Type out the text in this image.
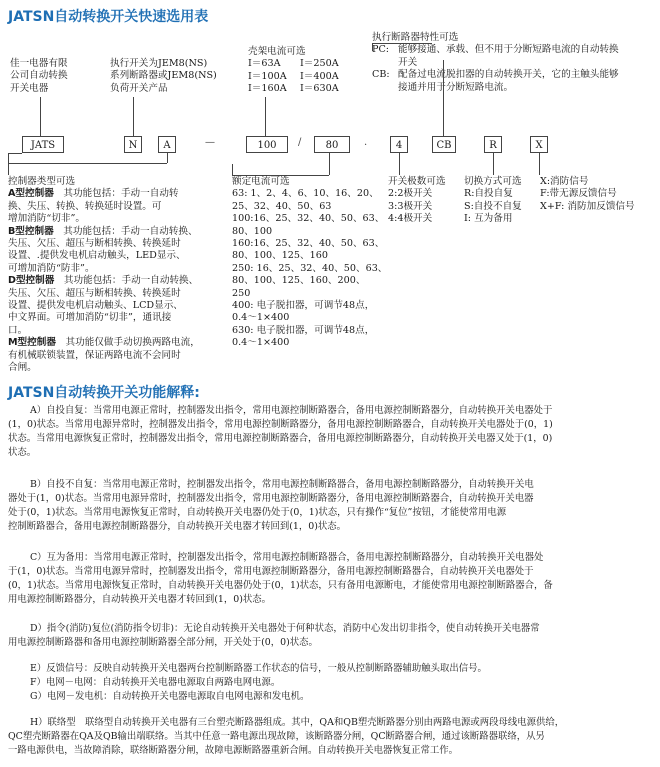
JATSN自动转换开关快速选用表
佳一电器有限
公司自动转换
开关电器
执行开关为JEM8(NS)
系列断路器或JEM8(NS)
负荷开关产品
壳架电流可选
I＝63A I＝250A
I＝100A I＝400A
I＝160A I＝630A
执行断路器特性可选
PC: 能够接通、承载、但不用于分断短路电流的自动转换
开关
CB: 配备过电流脱扣器的自动转换开关，它的主触头能够
接通并用于分断短路电流。
JATS	N	A	—	100	/	80	.	4	CB	R	X
控制器类型可选
A型控制器　其功能包括：手动一自动转
换、失压、转换、转换延时设置。可
增加消防“切非”。
B型控制器　其功能包括：手动一自动转换、
失压、欠压、超压与断相转换、转换延时
设置、.提供发电机启动触头，LED显示、
可增加消防“防非”。
D型控制器　其功能包括：手动一自动转换、
失压、欠压、超压与断相转换、转换延时
设置、提供发电机启动触头、LCD显示、
中文界面。可增加消防“切非”，通讯接
口。
M型控制器　其功能仅做手动切换两路电流，
有机械联锁装置，保证两路电流不会同时
合闸。
额定电流可选
63: 1、2、4、6、10、16、20、
25、32、40、50、63
100:16、25、32、40、50、63、
80、100
160:16、25、32、40、50、63、
80、100、125、160
250: 16、25、32、40、50、63、
80、100、125、160、200、
250
400: 电子脱扣器，可调节48点，
0.4～1×400
630: 电子脱扣器，可调节48点，
0.4～1×400
开关极数可选
2:2极开关
3:3极开关
4:4极开关
切换方式可选
R:自投自复
S:自投不自复
I: 互为备用
X:消防信号
F:带无源反馈信号
X+F: 消防加反馈信号
JATSN自动转换开关功能解释:
A）自投自复：当常用电源正常时，控制器发出指令，常用电源控制断路器合，备用电源控制断路器分，自动转换开关电器处于
(1，0)状态。当常用电源异常时，控制器发出指令，常用电源控制断路器分，备用电源控制断路器合，自动转换开关电器处于(0，1)
状态。当常用电源恢复正常时，控制器发出指令，常用电源控制断路器合，备用电源控制断路器分，自动转换开关电器又处于(1，0)
状态。
B）自投不自复：当常用电源正常时，控制器发出指令，常用电源控制断路器合，备用电源控制断路器分，自动转换开关电
器处于(1，0)状态。当常用电源异常时，控制器发出指令，常用电源控制断路器分，备用电源控制断路器合，自动转换开关电器
处于(0，1)状态。当常用电源恢复正常时，自动转换开关电器仍处于(0，1)状态，只有操作“复位”按钮，才能使常用电源
控制断路器合，备用电源控制断路器分，自动转换开关电器才转回到(1，0)状态。
C）互为备用：当常用电源正常时，控制器发出指令，常用电源控制断路器合，备用电源控制断路器分，自动转换开关电器处
于(1，0)状态。当常用电源异常时，控制器发出指令，常用电源控制断路器分，备用电源控制断路器合，自动转换开关电器处于
(0，1)状态。当常用电源恢复正常时，自动转换开关电器仍处于(0，1)状态，只有备用电源断电，才能使常用电源控制断路器合，备
用电源控制断路器分，自动转换开关电器才转回到(1，0)状态。
D）指令(消防)复位(消防指令切非)：无论自动转换开关电器处于何种状态，消防中心发出切非指令，使自动转换开关电器常
用电源控制断路器和备用电源控制断路器全部分闸，开关处于(0，0)状态。
E）反馈信号：反映自动转换开关电器两台控制断路器工作状态的信号，一般从控制断路器辅助触头取出信号。
F）电网－电网：自动转换开关电器电源取自两路电网电源。
G）电网－发电机：自动转换开关电器电源取自电网电源和发电机。
H）联络型　联络型自动转换开关电器有三台塑壳断路器组成。其中，QA和QB塑壳断路器分别由两路电源或两段母线电源供给，
QC塑壳断路器在QA及QB输出端联络。当其中任意一路电源出现故障，该断路器分闸，QC断路器合闸，通过该断路器联络，从另
一路电源供电，当故障消除，联络断路器分闸，故障电源断路器重新合闸。自动转换开关电器恢复正常工作。
